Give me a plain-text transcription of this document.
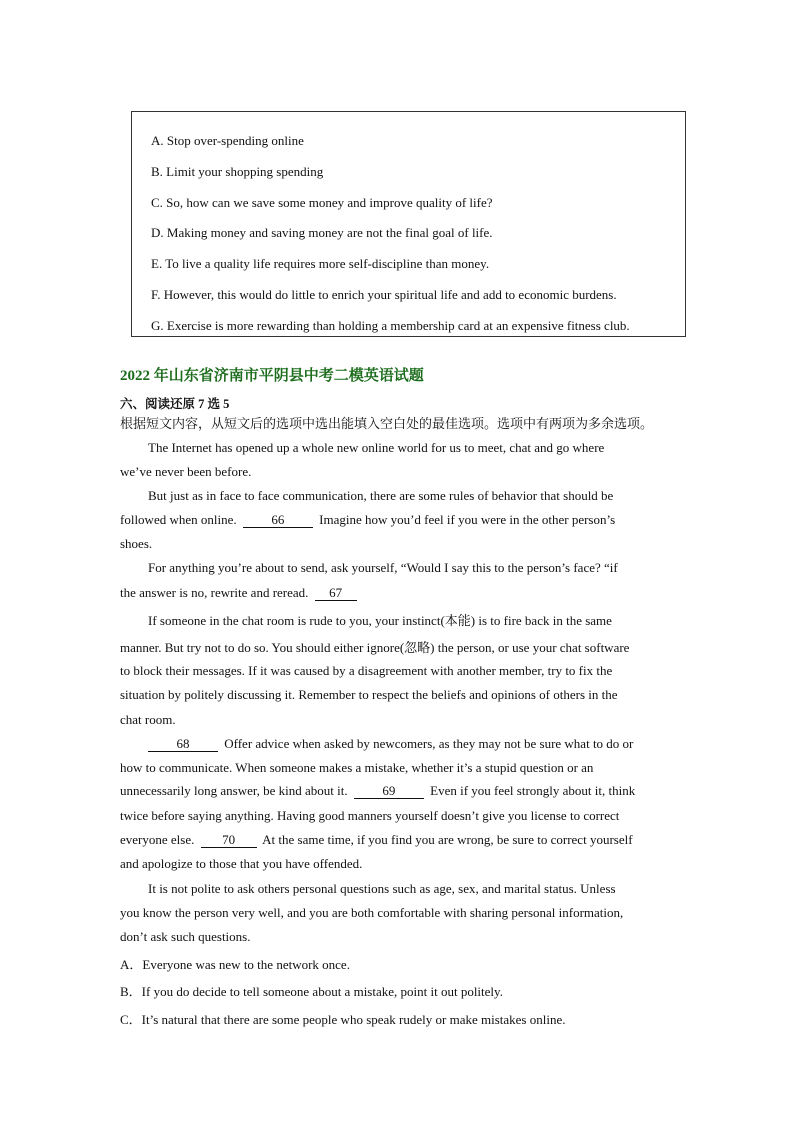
A. Stop over-spending online
B. Limit your shopping spending
C. So, how can we save some money and improve quality of life?
D. Making money and saving money are not the final goal of life.
E. To live a quality life requires more self-discipline than money.
F. However, this would do little to enrich your spiritual life and add to economic burdens.
G. Exercise is more rewarding than holding a membership card at an expensive fitness club.
2022 年山东省济南市平阴县中考二模英语试题
六、阅读还原 7 选 5
根据短文内容，从短文后的选项中选出能填入空白处的最佳选项。选项中有两项为多余选项。
The Internet has opened up a whole new online world for us to meet, chat and go where
we’ve never been before.
But just as in face to face communication, there are some rules of behavior that should be
followed when online.	66	Imagine how you’d feel if you were in the other person’s
shoes.
For anything you’re about to send, ask yourself, “Would I say this to the person’s face? “if
the answer is no, rewrite and reread. 67
If someone in the chat room is rude to you, your instinct(本能) is to fire back in the same
manner. But try not to do so. You should either ignore(忽略) the person, or use your chat software
to block their messages. If it was caused by a disagreement with another member, try to fix the
situation by politely discussing it. Remember to respect the beliefs and opinions of others in the
chat room.
68	Offer advice when asked by newcomers, as they may not be sure what to do or
how to communicate. When someone makes a mistake, whether it’s a stupid question or an
unnecessarily long answer, be kind about it.	69	Even if you feel strongly about it, think
twice before saying anything. Having good manners yourself doesn’t give you license to correct
everyone else. 70 At the same time, if you find you are wrong, be sure to correct yourself
and apologize to those that you have offended.
It is not polite to ask others personal questions such as age, sex, and marital status. Unless
you know the person very well, and you are both comfortable with sharing personal information,
don’t ask such questions.
A．Everyone was new to the network once.
B．If you do decide to tell someone about a mistake, point it out politely.
C．It’s natural that there are some people who speak rudely or make mistakes online.
